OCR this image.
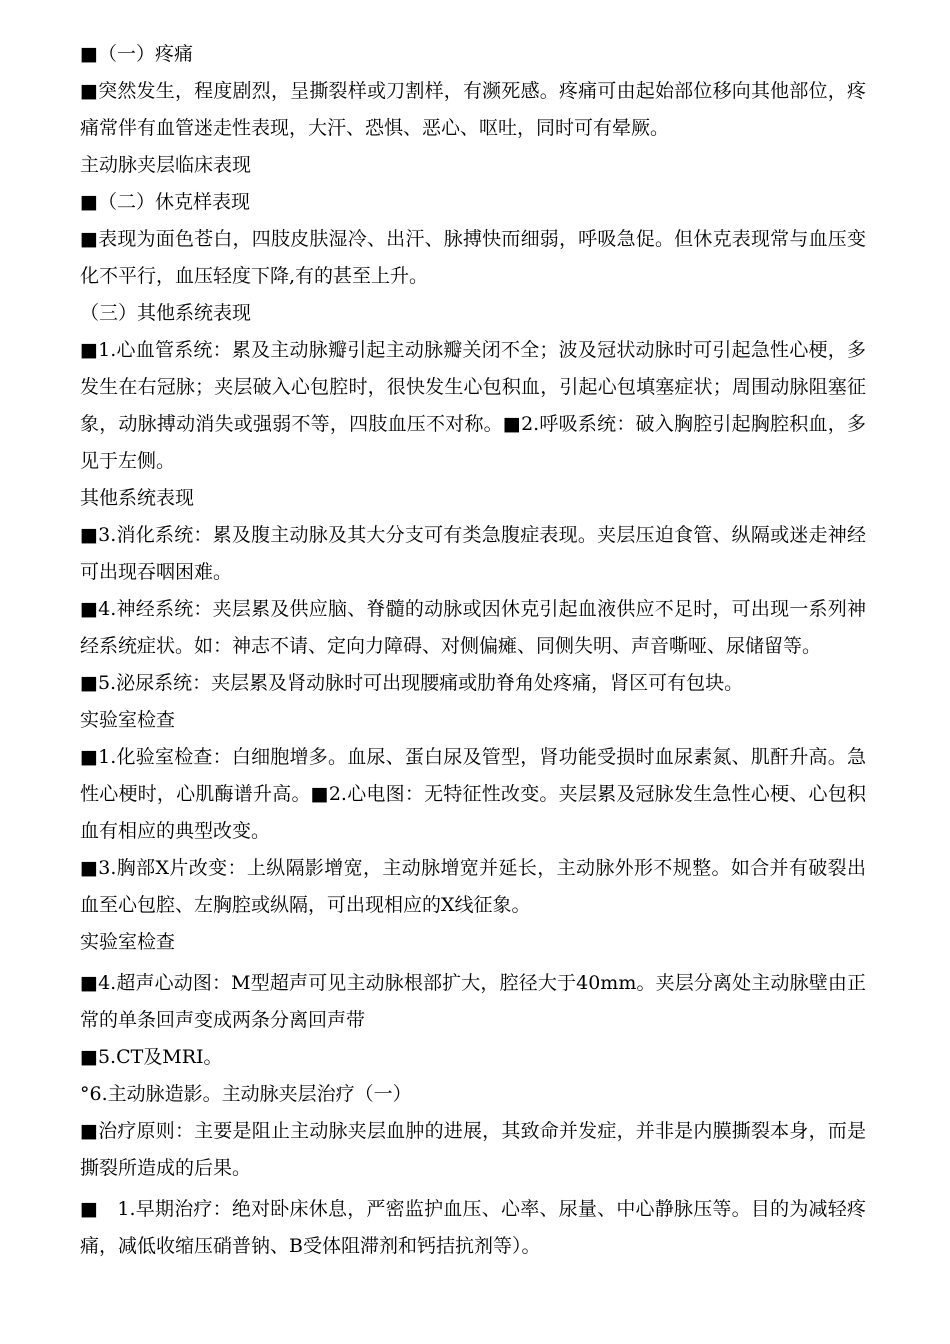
■（一）疼痛

■突然发生，程度剧烈，呈撕裂样或刀割样，有濒死感。疼痛可由起始部位移向其他部位，疼痛常伴有血管迷走性表现，大汗、恐惧、恶心、呕吐，同时可有晕厥。

主动脉夹层临床表现

■（二）休克样表现

■表现为面色苍白，四肢皮肤湿冷、出汗、脉搏快而细弱，呼吸急促。但休克表现常与血压变化不平行，血压轻度下降,有的甚至上升。

（三）其他系统表现

■1.心血管系统：累及主动脉瓣引起主动脉瓣关闭不全；波及冠状动脉时可引起急性心梗，多发生在右冠脉；夹层破入心包腔时，很快发生心包积血，引起心包填塞症状；周围动脉阻塞征象，动脉搏动消失或强弱不等，四肢血压不对称。■2.呼吸系统：破入胸腔引起胸腔积血，多见于左侧。

其他系统表现

■3.消化系统：累及腹主动脉及其大分支可有类急腹症表现。夹层压迫食管、纵隔或迷走神经可出现吞咽困难。

■4.神经系统：夹层累及供应脑、脊髓的动脉或因休克引起血液供应不足时，可出现一系列神经系统症状。如：神志不请、定向力障碍、对侧偏瘫、同侧失明、声音嘶哑、尿储留等。

■5.泌尿系统：夹层累及肾动脉时可出现腰痛或肋脊角处疼痛，肾区可有包块。

实验室检查

■1.化验室检查：白细胞增多。血尿、蛋白尿及管型，肾功能受损时血尿素氮、肌酐升高。急性心梗时，心肌酶谱升高。■2.心电图：无特征性改变。夹层累及冠脉发生急性心梗、心包积血有相应的典型改变。

■3.胸部X片改变：上纵隔影增宽，主动脉增宽并延长，主动脉外形不规整。如合并有破裂出血至心包腔、左胸腔或纵隔，可出现相应的X线征象。

实验室检查

■4.超声心动图：M型超声可见主动脉根部扩大，腔径大于40mm。夹层分离处主动脉壁由正常的单条回声变成两条分离回声带

■5.CT及MRI。

°6.主动脉造影。主动脉夹层治疗（一）

■治疗原则：主要是阻止主动脉夹层血肿的进展，其致命并发症，并非是内膜撕裂本身，而是撕裂所造成的后果。

■　1.早期治疗：绝对卧床休息，严密监护血压、心率、尿量、中心静脉压等。目的为减轻疼痛，减低收缩压硝普钠、B受体阻滞剂和钙拮抗剂等）。
